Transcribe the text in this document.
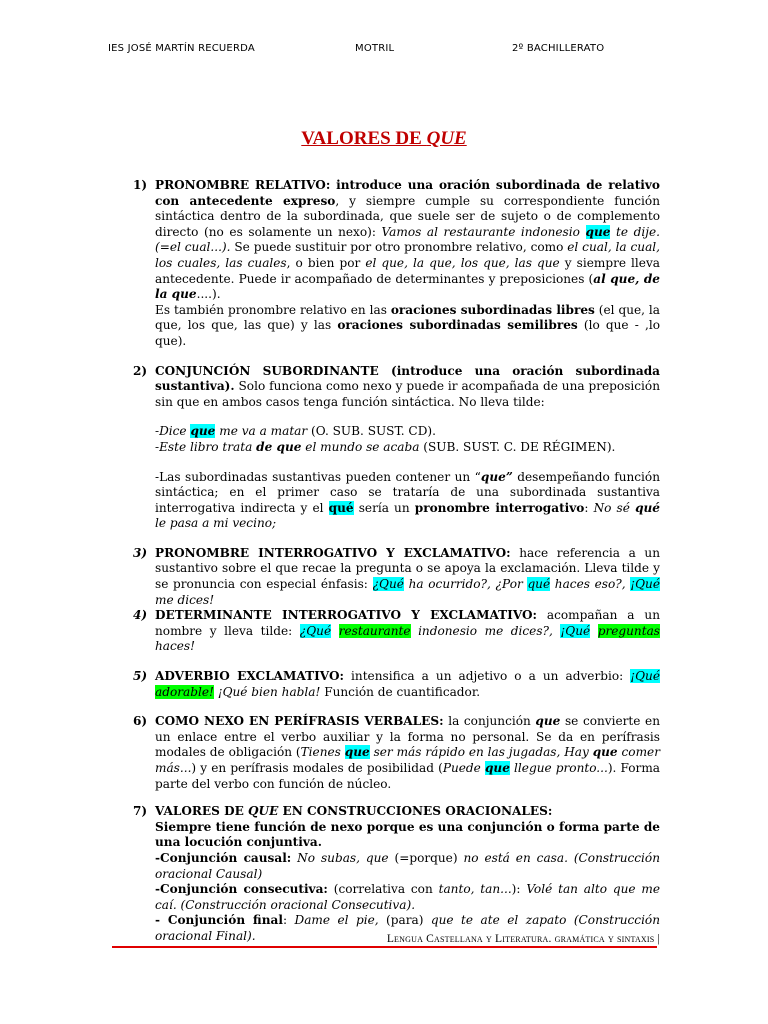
IES JOSÉ MARTÍN RECUERDA	MOTRIL	2º BACHILLERATO
VALORES DE QUE
1) PRONOMBRE RELATIVO: introduce una oración subordinada de relativo con antecedente expreso, y siempre cumple su correspondiente función sintáctica dentro de la subordinada, que suele ser de sujeto o de complemento directo (no es solamente un nexo): Vamos al restaurante indonesio que te dije. (=el cual...). Se puede sustituir por otro pronombre relativo, como el cual, la cual, los cuales, las cuales, o bien por el que, la que, los que, las que y siempre lleva antecedente. Puede ir acompañado de determinantes y preposiciones (al que, de la que....).

Es también pronombre relativo en las oraciones subordinadas libres (el que, la que, los que, las que) y las oraciones subordinadas semilibres (lo que - ,lo que).

2) CONJUNCIÓN SUBORDINANTE (introduce una oración subordinada sustantiva). Solo funciona como nexo y puede ir acompañada de una preposición sin que en ambos casos tenga función sintáctica. No lleva tilde:

-Dice que me va a matar (O. SUB. SUST. CD).

-Este libro trata de que el mundo se acaba (SUB. SUST. C. DE RÉGIMEN).

-Las subordinadas sustantivas pueden contener un “que” desempeñando función sintáctica; en el primer caso se trataría de una subordinada sustantiva interrogativa indirecta y el qué sería un pronombre interrogativo: No sé qué le pasa a mi vecino;

3) PRONOMBRE INTERROGATIVO Y EXCLAMATIVO: hace referencia a un sustantivo sobre el que recae la pregunta o se apoya la exclamación. Lleva tilde y se pronuncia con especial énfasis: ¿Qué ha ocurrido?, ¿Por qué haces eso?, ¡Qué me dices!

4) DETERMINANTE INTERROGATIVO Y EXCLAMATIVO: acompañan a un nombre y lleva tilde: ¿Qué restaurante indonesio me dices?, ¡Qué preguntas haces!

5) ADVERBIO EXCLAMATIVO: intensifica a un adjetivo o a un adverbio: ¡Qué adorable! ¡Qué bien habla! Función de cuantificador.

6) COMO NEXO EN PERÍFRASIS VERBALES: la conjunción que se convierte en un enlace entre el verbo auxiliar y la forma no personal. Se da en perífrasis modales de obligación (Tienes que ser más rápido en las jugadas, Hay que comer más...) y en perífrasis modales de posibilidad (Puede que llegue pronto...). Forma parte del verbo con función de núcleo.

7) VALORES DE QUE EN CONSTRUCCIONES ORACIONALES:

Siempre tiene función de nexo porque es una conjunción o forma parte de una locución conjuntiva.

-Conjunción causal: No subas, que (=porque) no está en casa. (Construcción oracional Causal)

-Conjunción consecutiva: (correlativa con tanto, tan...): Volé tan alto que me caí. (Construcción oracional Consecutiva).

- Conjunción final: Dame el pie, (para) que te ate el zapato (Construcción oracional Final).	Lengua Castellana y Literatura. gramática y sintaxis |
